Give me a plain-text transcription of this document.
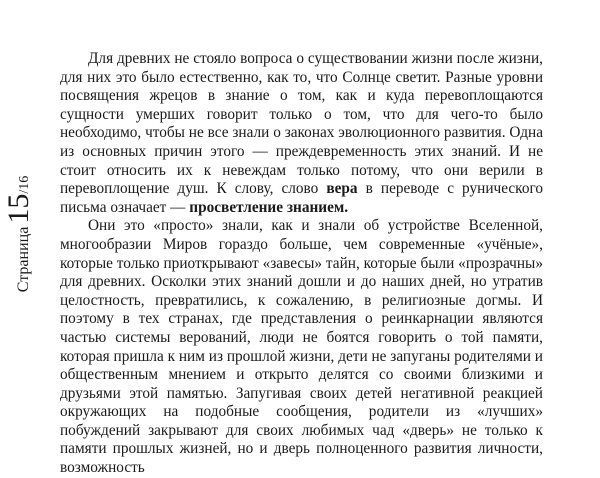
Страница
15
/16

Для древних не стояло вопроса о существовании жизни после жизни, для них это было естественно, как то, что Солнце светит. Разные уровни посвящения жрецов в знание о том, как и куда перевоплощаются сущности умерших говорит только о том, что для чего-то было необходимо, чтобы не все знали о законах эволюционного развития. Одна из основных причин этого — преждевременность этих знаний. И не стоит относить их к невеждам только потому, что они верили в перевоплощение душ. К слову, слово вера в переводе с рунического письма означает — просветление знанием.

Они это «просто» знали, как и знали об устройстве Вселенной, многообразии Миров гораздо больше, чем современные «учёные», которые только приоткрывают «завесы» тайн, которые были «прозрачны» для древних. Осколки этих знаний дошли и до наших дней, но утратив целостность, превратились, к сожалению, в религиозные догмы. И поэтому в тех странах, где представления о реинкарнации являются частью системы верований, люди не боятся говорить о той памяти, которая пришла к ним из прошлой жизни, дети не запуганы родителями и общественным мнением и открыто делятся со своими близкими и друзьями этой памятью. Запугивая своих детей негативной реакцией окружающих на подобные сообщения, родители из «лучших» побуждений закрывают для своих любимых чад «дверь» не только к памяти прошлых жизней, но и дверь полноценного развития личности, возможность
